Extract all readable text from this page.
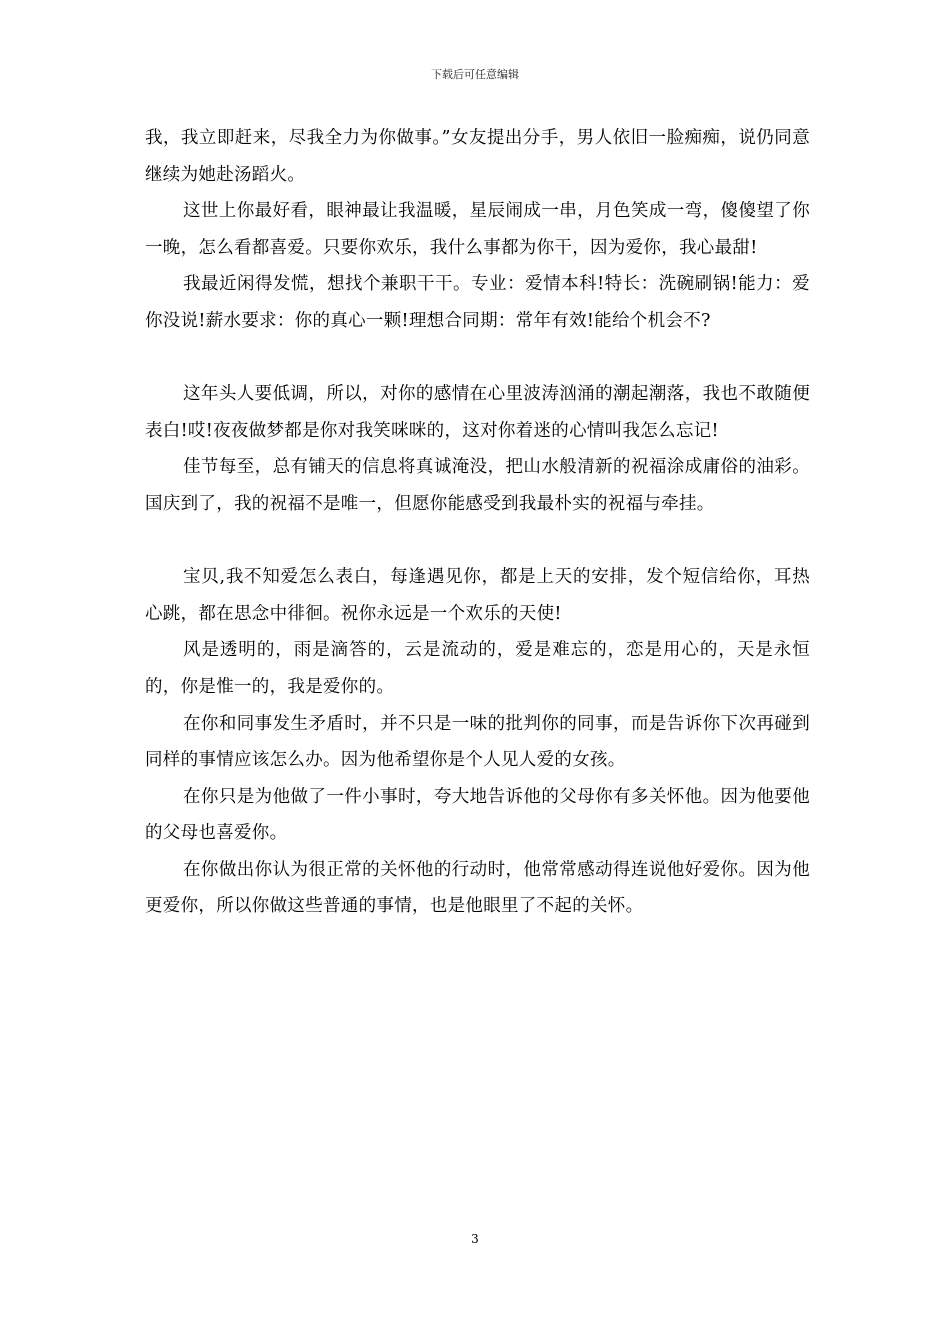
下载后可任意编辑

我，我立即赶来，尽我全力为你做事。”女友提出分手，男人依旧一脸痴痴，说仍同意继续为她赴汤蹈火。

这世上你最好看，眼神最让我温暖，星辰闹成一串，月色笑成一弯，傻傻望了你一晚，怎么看都喜爱。只要你欢乐，我什么事都为你干，因为爱你，我心最甜!

我最近闲得发慌，想找个兼职干干。专业：爱情本科!特长：洗碗刷锅!能力：爱你没说!薪水要求：你的真心一颗!理想合同期：常年有效!能给个机会不?

这年头人要低调，所以，对你的感情在心里波涛汹涌的潮起潮落，我也不敢随便表白!哎!夜夜做梦都是你对我笑咪咪的，这对你着迷的心情叫我怎么忘记!

佳节每至，总有铺天的信息将真诚淹没，把山水般清新的祝福涂成庸俗的油彩。国庆到了，我的祝福不是唯一，但愿你能感受到我最朴实的祝福与牵挂。

宝贝,我不知爱怎么表白，每逢遇见你，都是上天的安排，发个短信给你，耳热心跳，都在思念中徘徊。祝你永远是一个欢乐的天使!

风是透明的，雨是滴答的，云是流动的，爱是难忘的，恋是用心的，天是永恒的，你是惟一的，我是爱你的。

在你和同事发生矛盾时，并不只是一味的批判你的同事，而是告诉你下次再碰到同样的事情应该怎么办。因为他希望你是个人见人爱的女孩。

在你只是为他做了一件小事时，夸大地告诉他的父母你有多关怀他。因为他要他的父母也喜爱你。

在你做出你认为很正常的关怀他的行动时，他常常感动得连说他好爱你。因为他更爱你，所以你做这些普通的事情，也是他眼里了不起的关怀。

3
